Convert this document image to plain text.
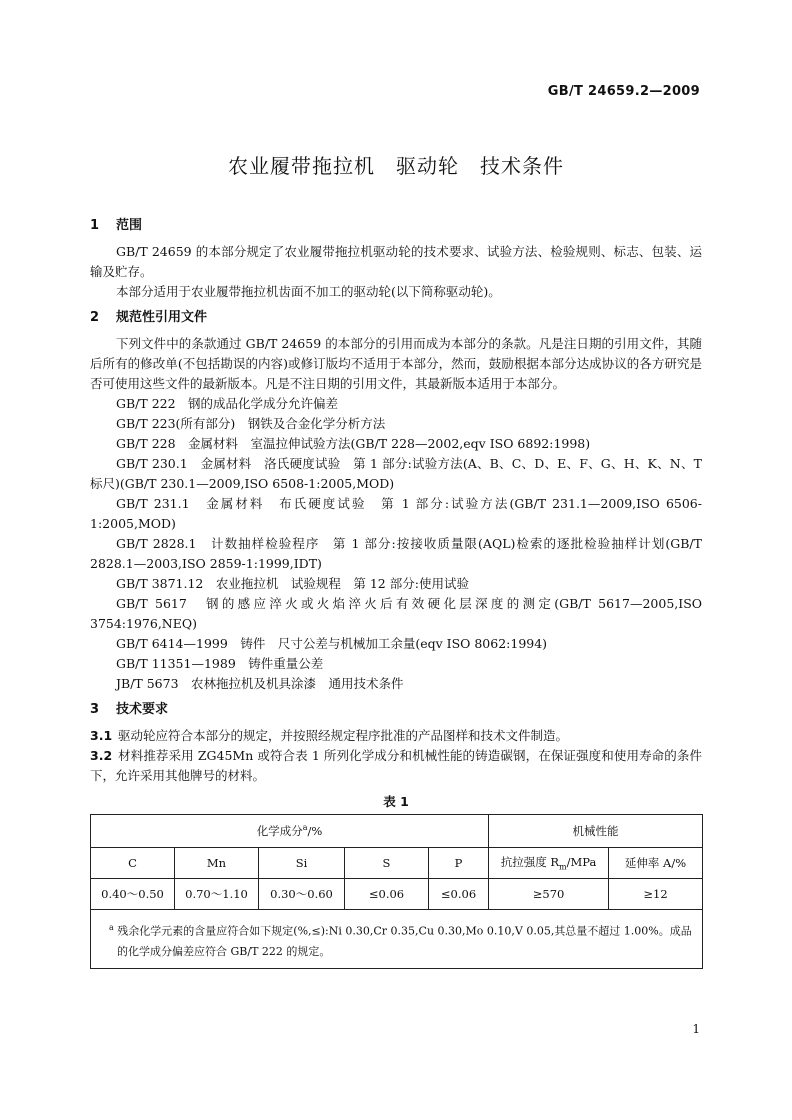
GB/T 24659.2—2009
农业履带拖拉机　驱动轮　技术条件
1 范围

GB/T 24659 的本部分规定了农业履带拖拉机驱动轮的技术要求、试验方法、检验规则、标志、包装、运输及贮存。

本部分适用于农业履带拖拉机齿面不加工的驱动轮(以下简称驱动轮)。

2 规范性引用文件

下列文件中的条款通过 GB/T 24659 的本部分的引用而成为本部分的条款。凡是注日期的引用文件，其随后所有的修改单(不包括勘误的内容)或修订版均不适用于本部分，然而，鼓励根据本部分达成协议的各方研究是否可使用这些文件的最新版本。凡是不注日期的引用文件，其最新版本适用于本部分。

GB/T 222　钢的成品化学成分允许偏差

GB/T 223(所有部分)　钢铁及合金化学分析方法

GB/T 228　金属材料　室温拉伸试验方法(GB/T 228—2002,eqv ISO 6892:1998)

GB/T 230.1　金属材料　洛氏硬度试验　第 1 部分:试验方法(A、B、C、D、E、F、G、H、K、N、T 标尺)(GB/T 230.1—2009,ISO 6508-1:2005,MOD)

GB/T 231.1　金属材料　布氏硬度试验　第 1 部分:试验方法(GB/T 231.1—2009,ISO 6506-1:2005,MOD)

GB/T 2828.1　计数抽样检验程序　第 1 部分:按接收质量限(AQL)检索的逐批检验抽样计划(GB/T 2828.1—2003,ISO 2859-1:1999,IDT)

GB/T 3871.12　农业拖拉机　试验规程　第 12 部分:使用试验

GB/T 5617　钢的感应淬火或火焰淬火后有效硬化层深度的测定(GB/T 5617—2005,ISO 3754:1976,NEQ)

GB/T 6414—1999　铸件　尺寸公差与机械加工余量(eqv ISO 8062:1994)

GB/T 11351—1989　铸件重量公差

JB/T 5673　农林拖拉机及机具涂漆　通用技术条件

3 技术要求

3.1 驱动轮应符合本部分的规定，并按照经规定程序批准的产品图样和技术文件制造。

3.2 材料推荐采用 ZG45Mn 或符合表 1 所列化学成分和机械性能的铸造碳钢，在保证强度和使用寿命的条件下，允许采用其他牌号的材料。

表 1
化学成分$^a$/%					机械性能	
C	Mn	Si	S	P	抗拉强度 $R_m$/MPa	延伸率 A/%
0.40～0.50	0.70～1.10	0.30～0.60	≤0.06	≤0.06	≥570	≥12
$^a$ 残余化学元素的含量应符合如下规定(%,≤):Ni 0.30,Cr 0.35,Cu 0.30,Mo 0.10,V 0.05,其总量不超过 1.00%。成品的化学成分偏差应符合 GB/T 222 的规定。						
1
